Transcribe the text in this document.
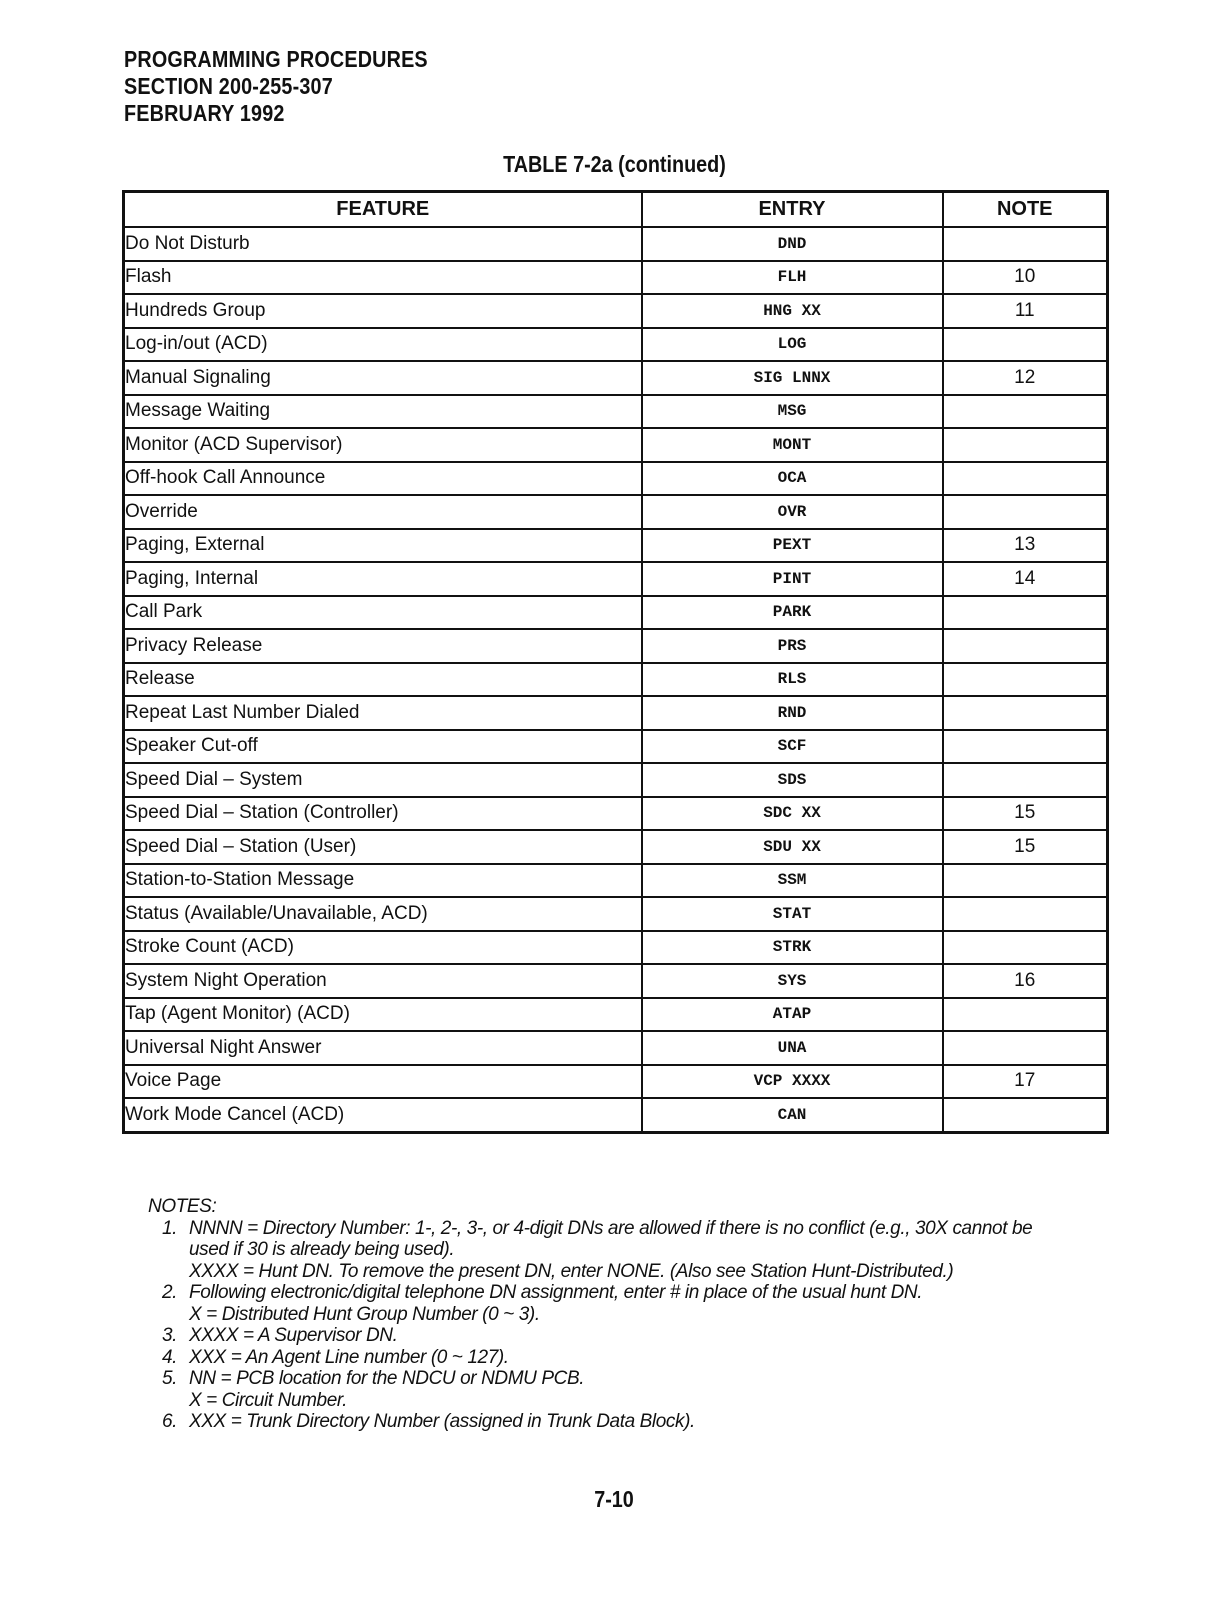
PROGRAMMING PROCEDURES
SECTION 200-255-307
FEBRUARY 1992
TABLE 7-2a (continued)
FEATURE	ENTRY	NOTE
Do Not Disturb	DND	
Flash	FLH	10
Hundreds Group	HNG XX	11
Log-in/out (ACD)	LOG	
Manual Signaling	SIG LNNX	12
Message Waiting	MSG	
Monitor (ACD Supervisor)	MONT	
Off-hook Call Announce	OCA	
Override	OVR	
Paging, External	PEXT	13
Paging, Internal	PINT	14
Call Park	PARK	
Privacy Release	PRS	
Release	RLS	
Repeat Last Number Dialed	RND	
Speaker Cut-off	SCF	
Speed Dial – System	SDS	
Speed Dial – Station (Controller)	SDC XX	15
Speed Dial – Station (User)	SDU XX	15
Station-to-Station Message	SSM	
Status (Available/Unavailable, ACD)	STAT	
Stroke Count (ACD)	STRK	
System Night Operation	SYS	16
Tap (Agent Monitor) (ACD)	ATAP	
Universal Night Answer	UNA	
Voice Page	VCP XXXX	17
Work Mode Cancel (ACD)	CAN	
NOTES:
1. NNNN = Directory Number: 1-, 2-, 3-, or 4-digit DNs are allowed if there is no conflict (e.g., 30X cannot be
used if 30 is already being used).
XXXX = Hunt DN. To remove the present DN, enter NONE. (Also see Station Hunt-Distributed.)
2. Following electronic/digital telephone DN assignment, enter # in place of the usual hunt DN.
X = Distributed Hunt Group Number (0 ~ 3).
3. XXXX = A Supervisor DN.
4. XXX = An Agent Line number (0 ~ 127).
5. NN = PCB location for the NDCU or NDMU PCB.
X = Circuit Number.
6. XXX = Trunk Directory Number (assigned in Trunk Data Block).
7-10
